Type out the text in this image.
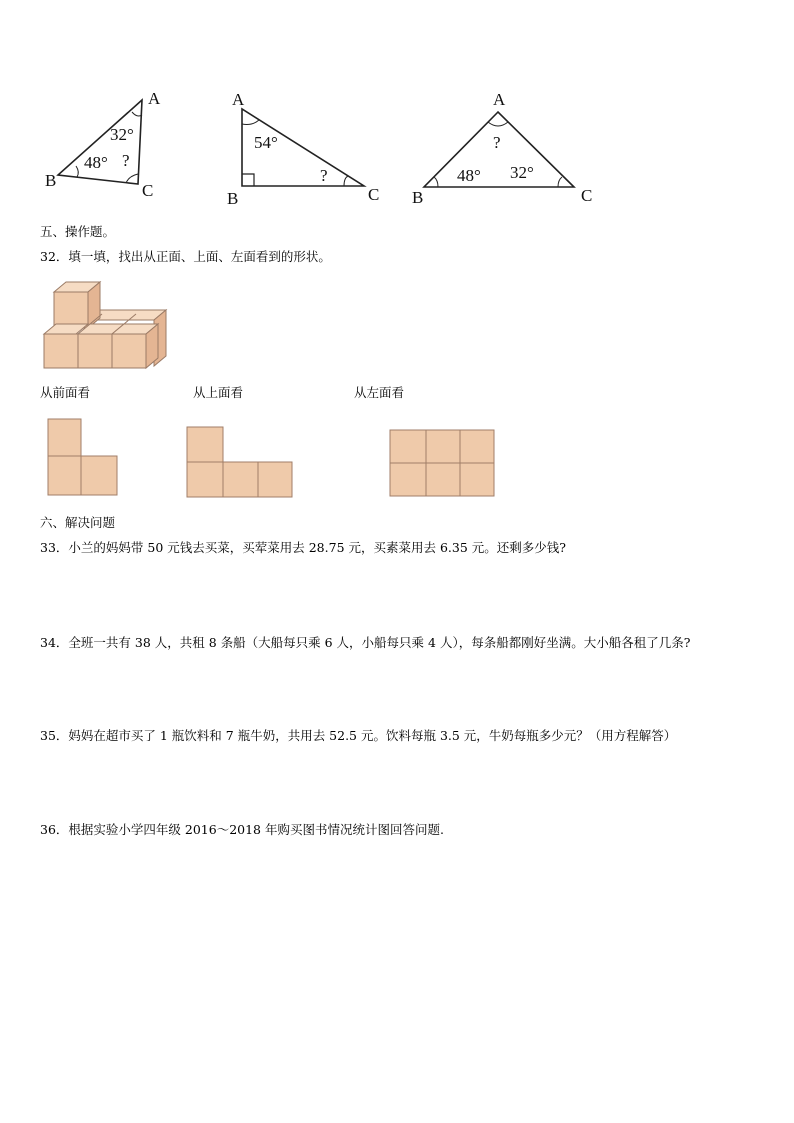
A
B
C
32°
48° ?
A
B	C
54°
?
A
B	C
?
48° 32°
五、操作题。
32．填一填，找出从正面、上面、左面看到的形状。
从前面看	从上面看	从左面看
六、解决问题
33．小兰的妈妈带 50 元钱去买菜，买荤菜用去 28.75 元，买素菜用去 6.35 元。还剩多少钱?
34．全班一共有 38 人，共租 8 条船（大船每只乘 6 人，小船每只乘 4 人），每条船都刚好坐满。大小船各租了几条?
35．妈妈在超市买了 1 瓶饮料和 7 瓶牛奶，共用去 52.5 元。饮料每瓶 3.5 元，牛奶每瓶多少元？（用方程解答）
36．根据实验小学四年级 2016～2018 年购买图书情况统计图回答问题.
